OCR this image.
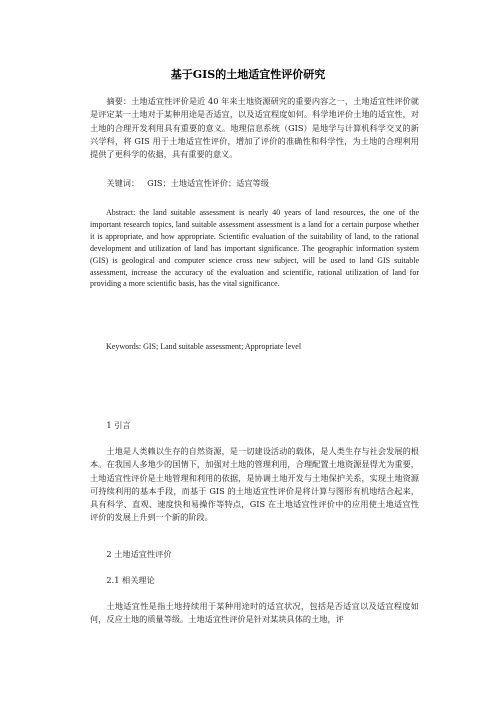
基于GIS的土地适宜性评价研究
摘要：土地适宜性评价是近 40 年来土地资源研究的重要内容之一，土地适宜性评价就是评定某一土地对于某种用途是否适宜，以及适宜程度如何。科学地评价土地的适宜性，对土地的合理开发利用具有重要的意义。地理信息系统（GIS）是地学与计算机科学交叉的新兴学科，将 GIS 用于土地适宜性评价，增加了评价的准确性和科学性，为土地的合理利用提供了更科学的依据，具有重要的意义。
关键词： GIS；土地适宜性评价；适宜等级
Abstract: the land suitable assessment is nearly 40 years of land resources, the one of the important research topics, land suitable assessment assessment is a land for a certain purpose whether it is appropriate, and how appropriate. Scientific evaluation of the suitability of land, to the rational development and utilization of land has important significance. The geographic information system (GIS) is geological and computer science cross new subject, will be used to land GIS suitable assessment, increase the accuracy of the evaluation and scientific, rational utilization of land for providing a more scientific basis, has the vital significance.
Keywords: GIS; Land suitable assessment; Appropriate level
1 引言
土地是人类赖以生存的自然资源，是一切建设活动的载体，是人类生存与社会发展的根本。在我国人多地少的国情下，加强对土地的管理利用，合理配置土地资源显得尤为重要，土地适宜性评价是土地管理和利用的依据，是协调土地开发与土地保护关系，实现土地资源可持续利用的基本手段，而基于 GIS 的土地适宜性评价是将计算与图形有机地结合起来，具有科学、直观、速度快和易操作等特点，GIS 在土地适宜性评价中的应用使土地适宜性评价的发展上升到一个新的阶段。
2 土地适宜性评价
2.1 相关理论
土地适宜性是指土地持续用于某种用途时的适宜状况，包括是否适宜以及适宜程度如何，反应土地的质量等级。土地适宜性评价是针对某块具体的土地，评
